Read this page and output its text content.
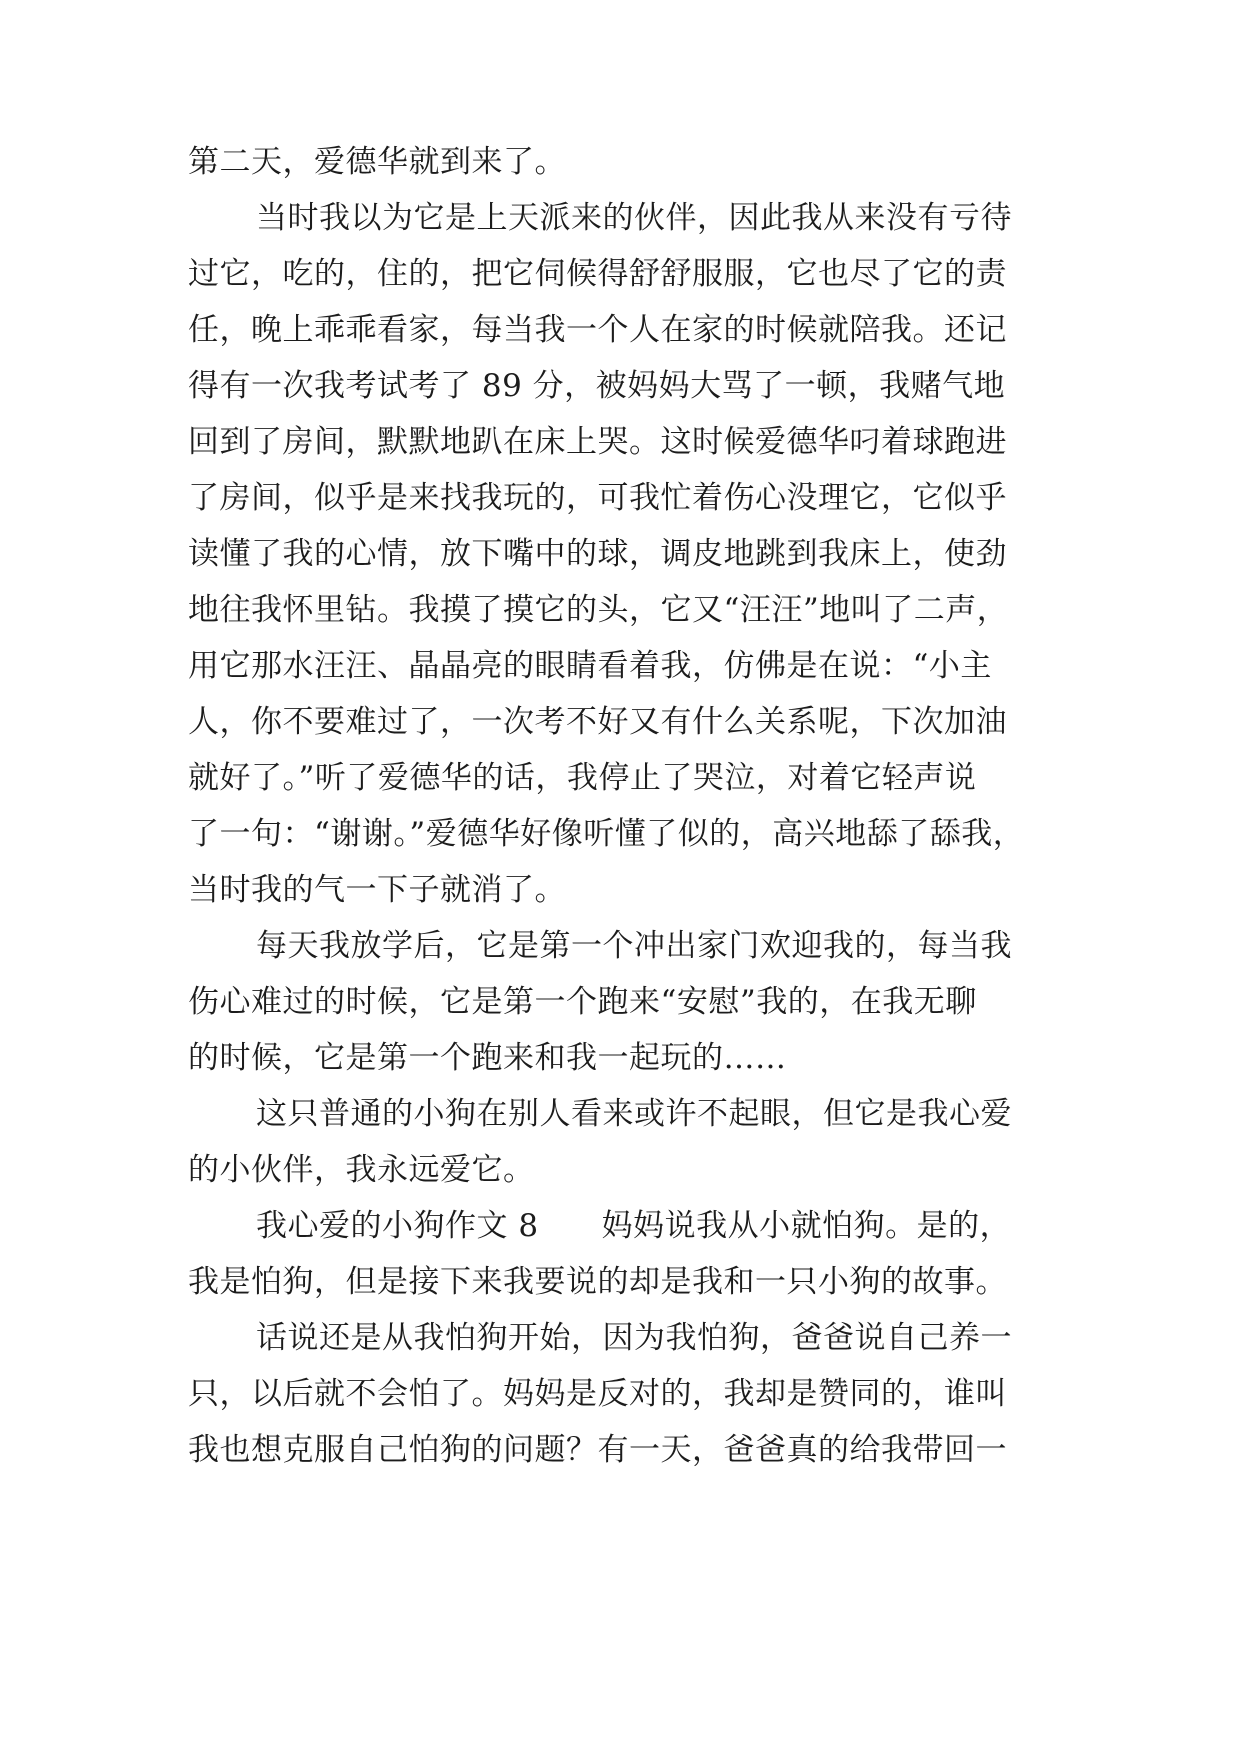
第二天，爱德华就到来了。

当时我以为它是上天派来的伙伴，因此我从来没有亏待

过它，吃的，住的，把它伺候得舒舒服服，它也尽了它的责

任，晚上乖乖看家，每当我一个人在家的时候就陪我。还记

得有一次我考试考了 89 分，被妈妈大骂了一顿，我赌气地

回到了房间，默默地趴在床上哭。这时候爱德华叼着球跑进

了房间，似乎是来找我玩的，可我忙着伤心没理它，它似乎

读懂了我的心情，放下嘴中的球，调皮地跳到我床上，使劲

地往我怀里钻。我摸了摸它的头，它又“汪汪”地叫了二声，

用它那水汪汪、晶晶亮的眼睛看着我，仿佛是在说：“小主

人，你不要难过了，一次考不好又有什么关系呢，下次加油

就好了。”听了爱德华的话，我停止了哭泣，对着它轻声说

了一句：“谢谢。”爱德华好像听懂了似的，高兴地舔了舔我，

当时我的气一下子就消了。

每天我放学后，它是第一个冲出家门欢迎我的，每当我

伤心难过的时候，它是第一个跑来“安慰”我的，在我无聊

的时候，它是第一个跑来和我一起玩的……

这只普通的小狗在别人看来或许不起眼，但它是我心爱

的小伙伴，我永远爱它。

我心爱的小狗作文 8　　妈妈说我从小就怕狗。是的，

我是怕狗，但是接下来我要说的却是我和一只小狗的故事。

话说还是从我怕狗开始，因为我怕狗，爸爸说自己养一

只，以后就不会怕了。妈妈是反对的，我却是赞同的，谁叫

我也想克服自己怕狗的问题？有一天，爸爸真的给我带回一
